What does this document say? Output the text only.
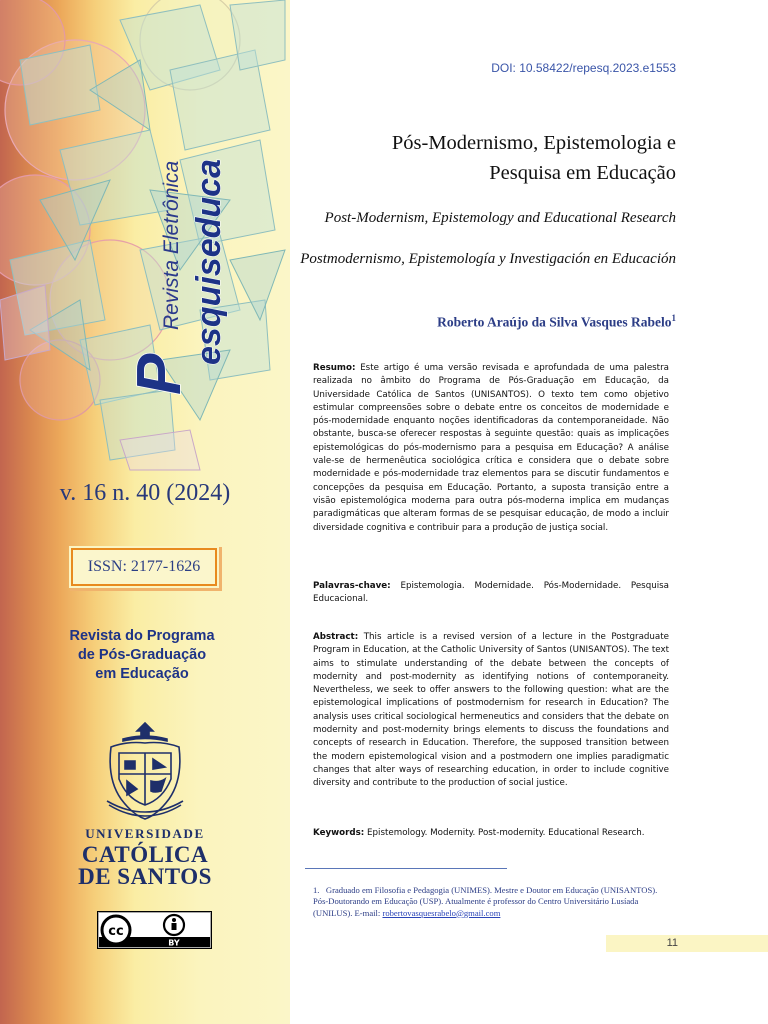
P
esquiseduca
Revista Eletrônica
v. 16 n. 40 (2024)
ISSN: 2177-1626
Revista do Programa
de Pós-Graduação
em Educação
UNIVERSIDADE
CATÓLICA
DE SANTOS
cc
BY
DOI: 10.58422/repesq.2023.e1553
Pós-Modernismo, Epistemologia e
Pesquisa em Educação
Post-Modernism, Epistemology and Educational Research
Postmodernismo, Epistemología y Investigación en Educación
Roberto Araújo da Silva Vasques Rabelo$^1$
Resumo: Este artigo é uma versão revisada e aprofundada de uma palestra realizada no âmbito do Programa de Pós-Graduação em Educação, da Universidade Católica de Santos (UNISANTOS). O texto tem como objetivo estimular compreensões sobre o debate entre os conceitos de modernidade e pós-modernidade enquanto noções identificadoras da contemporaneidade. Não obstante, busca-se oferecer respostas à seguinte questão: quais as implicações epistemológicas do pós-modernismo para a pesquisa em Educação? A análise vale-se de hermenêutica sociológica crítica e considera que o debate sobre modernidade e pós-modernidade traz elementos para se discutir fundamentos e concepções da pesquisa em Educação. Portanto, a suposta transição entre a visão epistemológica moderna para outra pós-moderna implica em mudanças paradigmáticas que alteram formas de se pesquisar educação, de modo a incluir diversidade cognitiva e contribuir para a produção de justiça social.
Palavras-chave: Epistemologia. Modernidade. Pós-Modernidade. Pesquisa Educacional.
Abstract: This article is a revised version of a lecture in the Postgraduate Program in Education, at the Catholic University of Santos (UNISANTOS). The text aims to stimulate understanding of the debate between the concepts of modernity and post-modernity as identifying notions of contemporaneity. Nevertheless, we seek to offer answers to the following question: what are the epistemological implications of postmodernism for research in Education? The analysis uses critical sociological hermeneutics and considers that the debate on modernity and post-modernity brings elements to discuss the foundations and concepts of research in Education. Therefore, the supposed transition between the modern epistemological vision and a postmodern one implies paradigmatic changes that alter ways of researching education, in order to include cognitive diversity and contribute to the production of social justice.
Keywords: Epistemology. Modernity. Post-modernity. Educational Research.
1. Graduado em Filosofia e Pedagogia (UNIMES). Mestre e Doutor em Educação (UNISANTOS). Pós-Doutorando em Educação (USP). Atualmente é professor do Centro Universitário Lusíada (UNILUS). E-mail: robertovasquesrabelo@gmail.com
11
